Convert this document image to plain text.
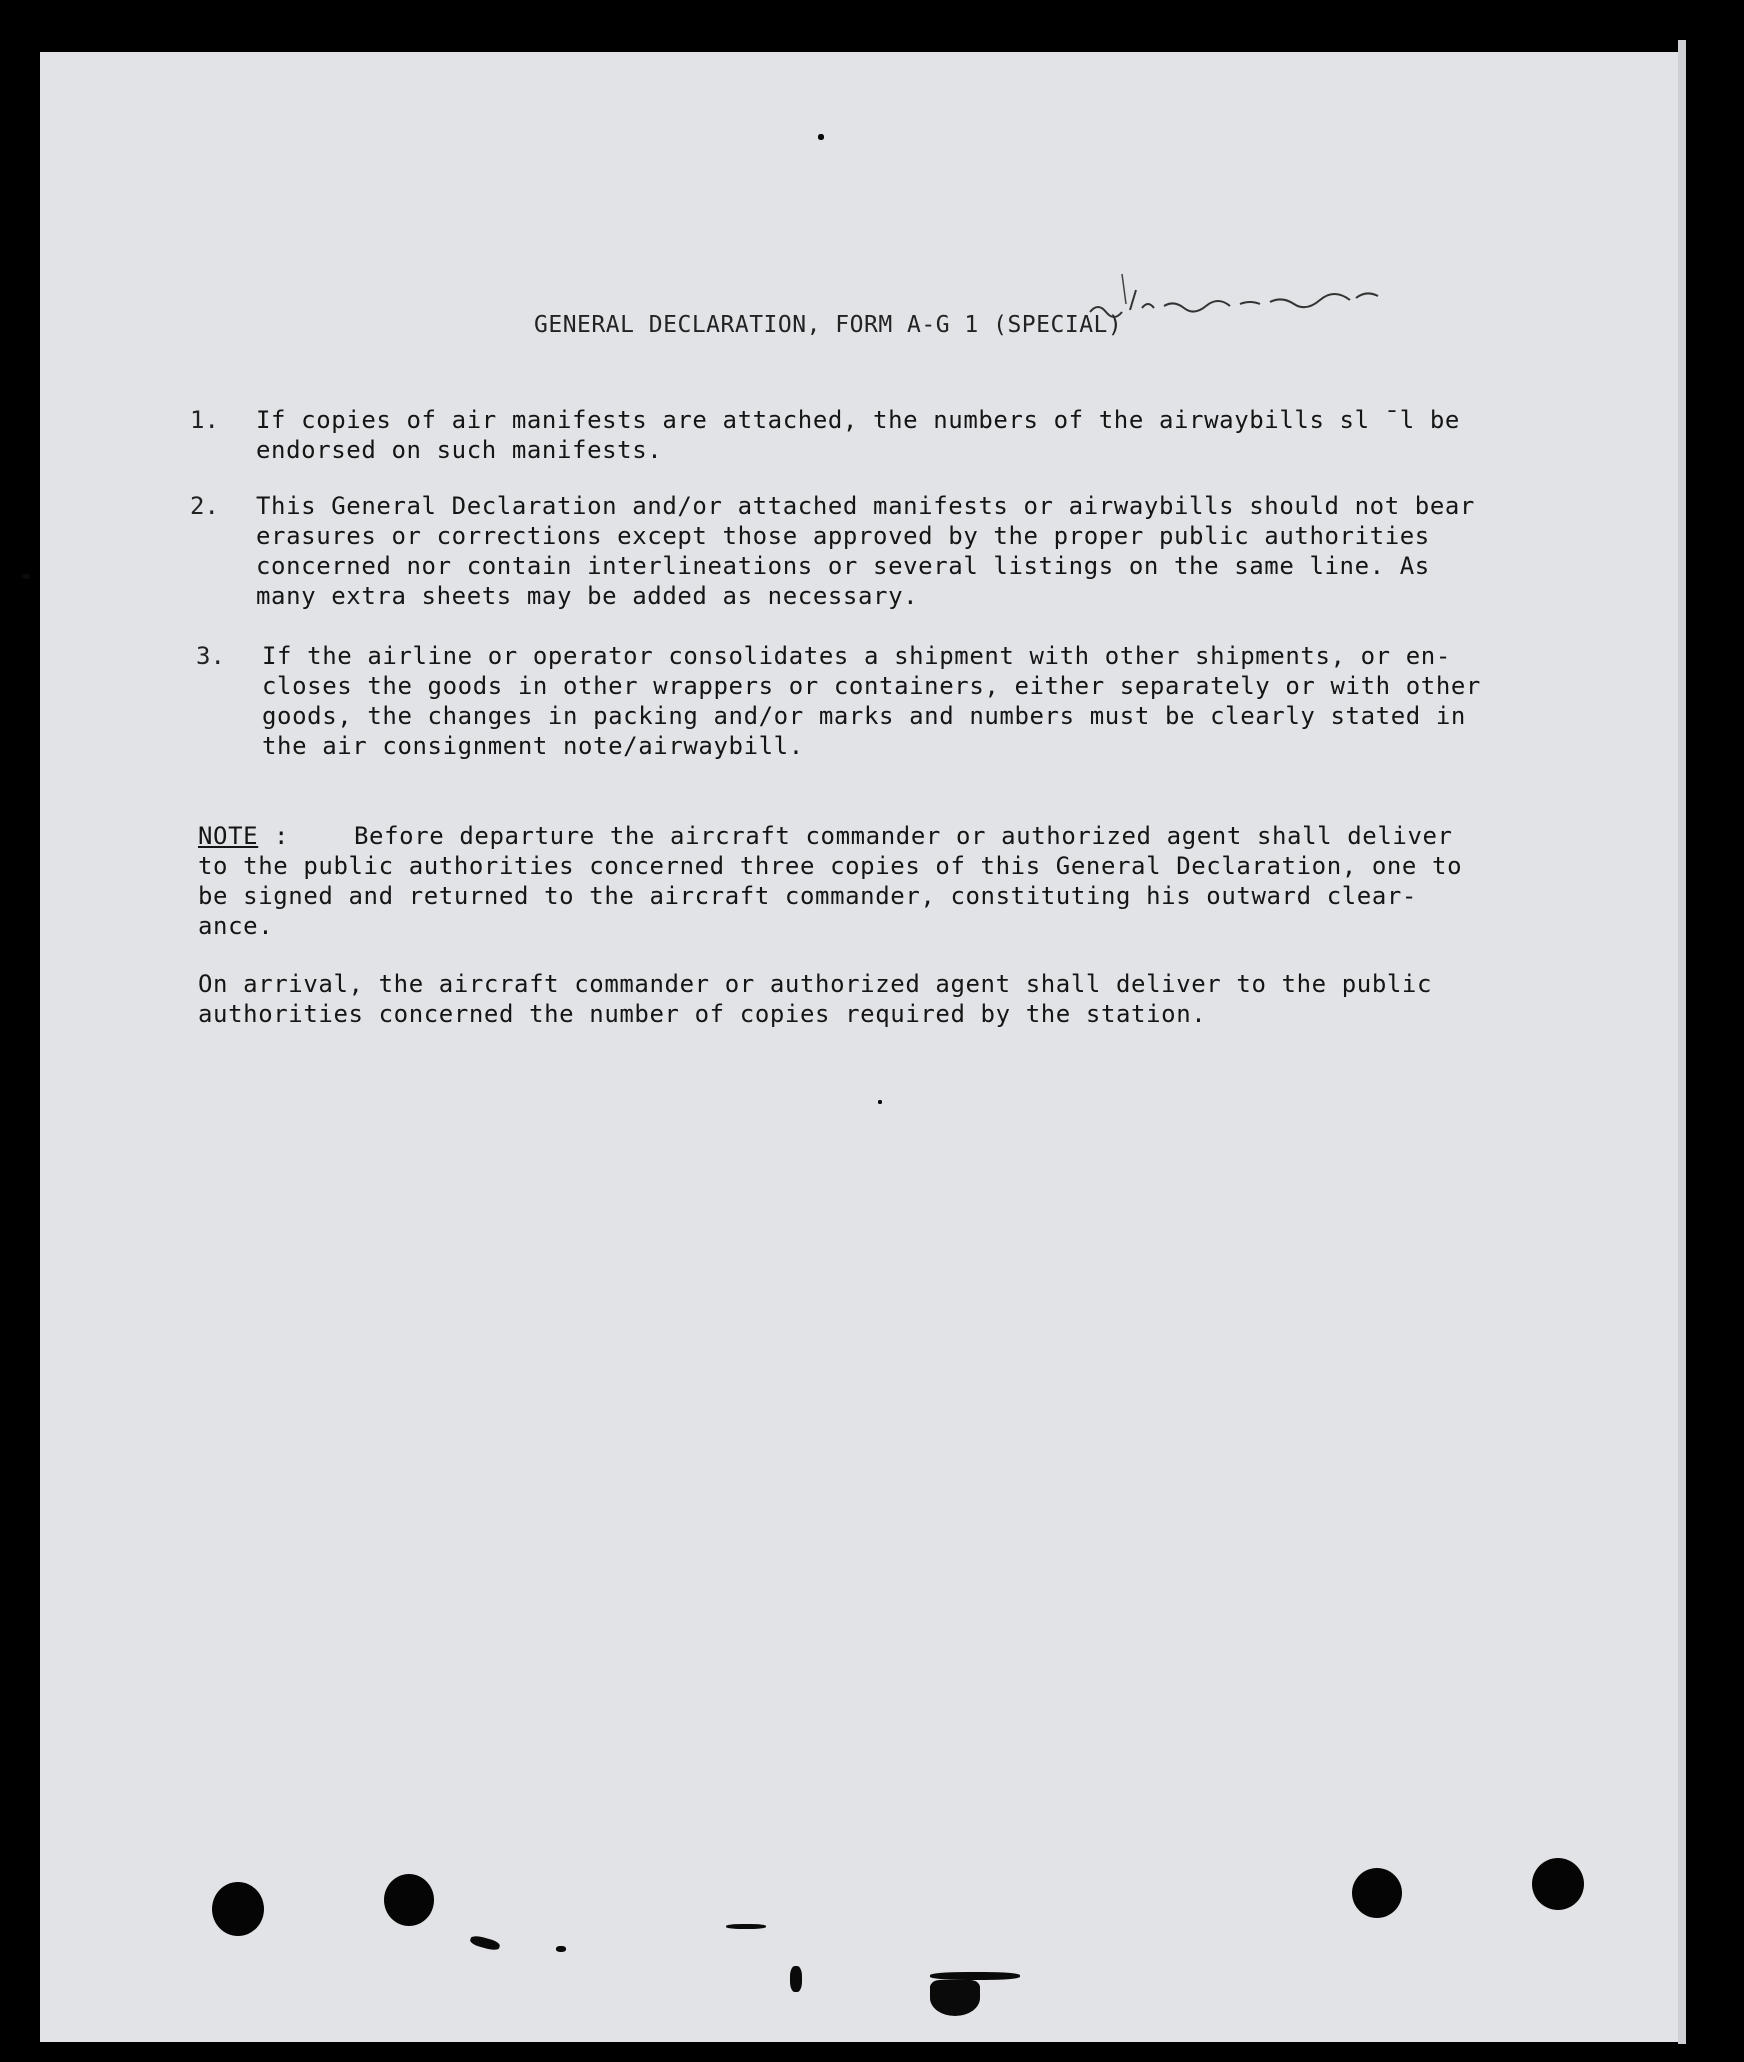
GENERAL DECLARATION, FORM A-G 1 (SPECIAL)
1. If copies of air manifests are attached, the numbers of the airwaybills sl ˉl be
endorsed on such manifests.
2. This General Declaration and/or attached manifests or airwaybills should not bear
erasures or corrections except those approved by the proper public authorities
concerned nor contain interlineations or several listings on the same line. As
many extra sheets may be added as necessary.
3. If the airline or operator consolidates a shipment with other shipments, or en-
closes the goods in other wrappers or containers, either separately or with other
goods, the changes in packing and/or marks and numbers must be clearly stated in
the air consignment note/airwaybill.
NOTE :	Before departure the aircraft commander or authorized agent shall deliver
to the public authorities concerned three copies of this General Declaration, one to
be signed and returned to the aircraft commander, constituting his outward clear-
ance.
On arrival, the aircraft commander or authorized agent shall deliver to the public
authorities concerned the number of copies required by the station.
